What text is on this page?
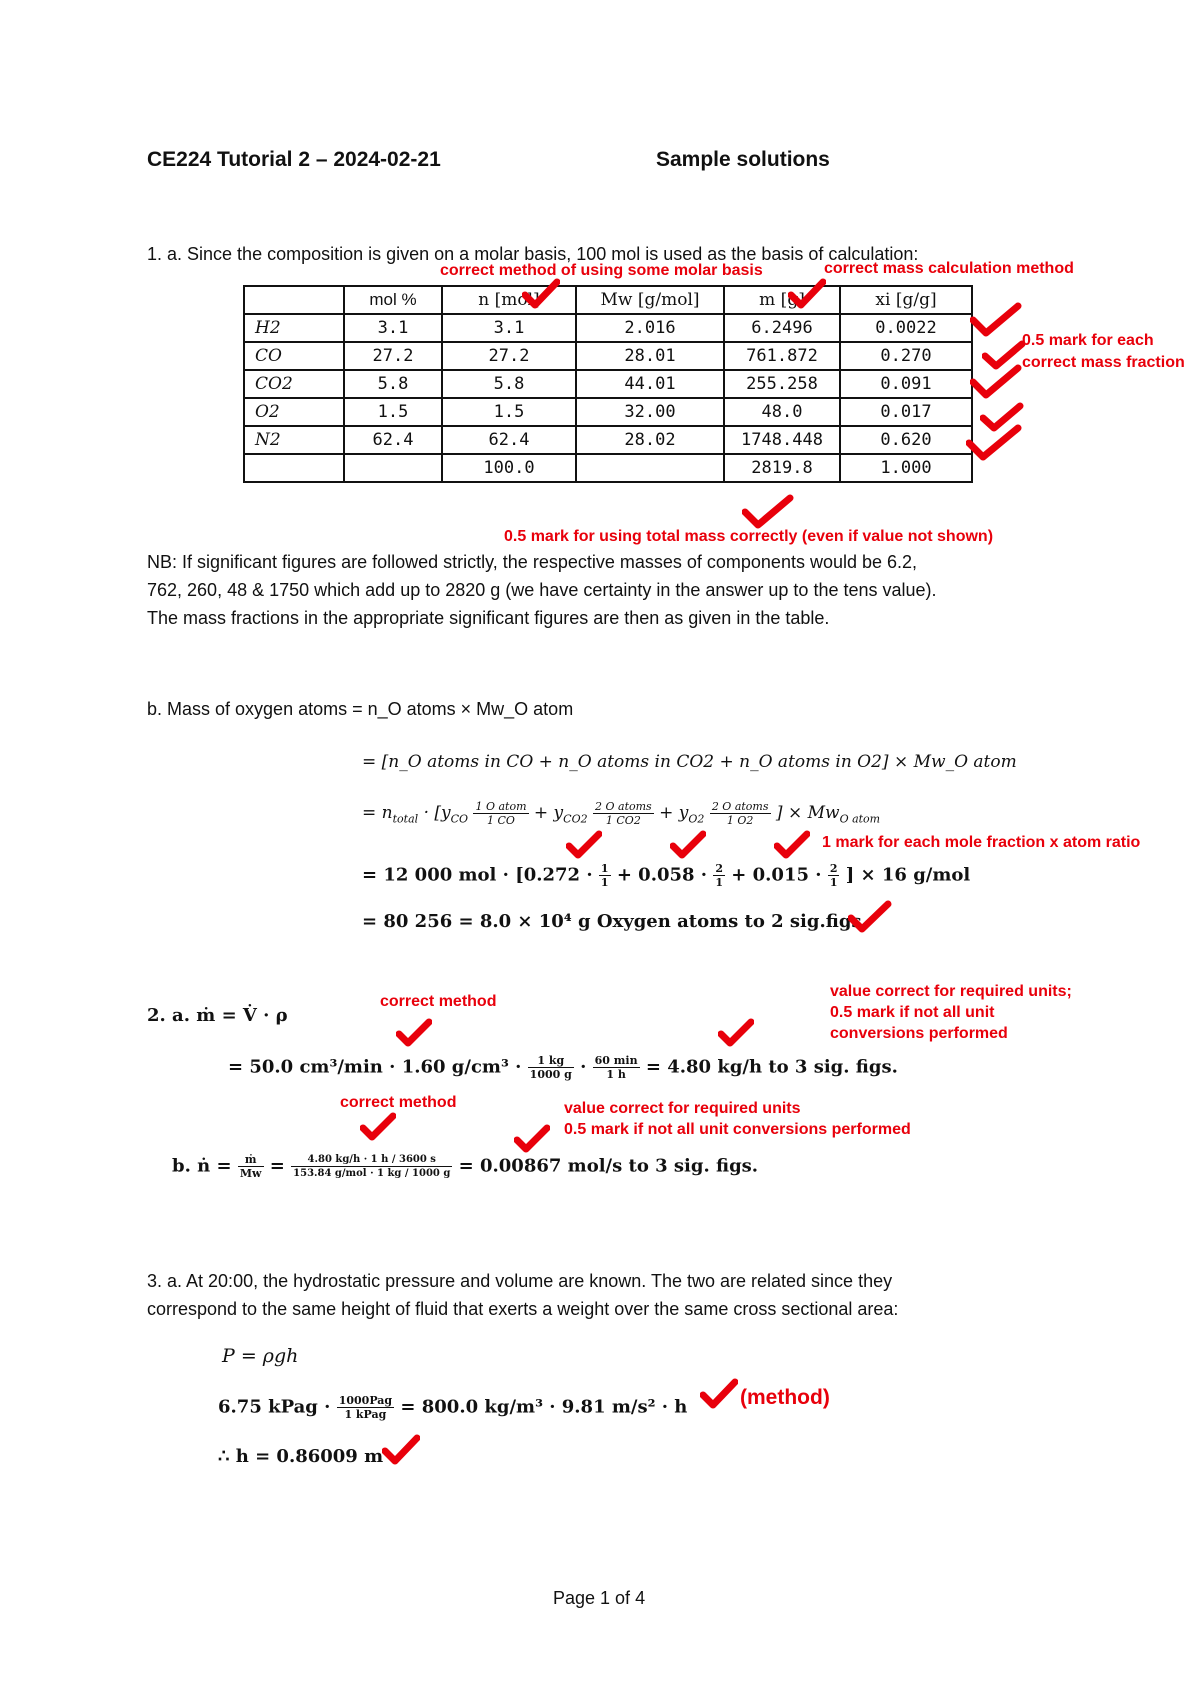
CE224 Tutorial 2 – 2024-02-21	Sample solutions
1. a. Since the composition is given on a molar basis, 100 mol is used as the basis of calculation:
correct method of using some molar basis	correct mass calculation method
	mol %	n [mol]	Mw [g/mol]	m [g]	xi [g/g]
H2	3.1	3.1	2.016	6.2496	0.0022
CO	27.2	27.2	28.01	761.872	0.270
CO2	5.8	5.8	44.01	255.258	0.091
O2	1.5	1.5	32.00	48.0	0.017
N2	62.4	62.4	28.02	1748.448	0.620
		100.0		2819.8	1.000
0.5 mark for each
correct mass fraction
0.5 mark for using total mass correctly (even if value not shown)
NB: If significant figures are followed strictly, the respective masses of components would be 6.2,
762, 260, 48 & 1750 which add up to 2820 g (we have certainty in the answer up to the tens value).
The mass fractions in the appropriate significant figures are then as given in the table.
b. Mass of oxygen atoms = n_O atoms × Mw_O atom
= [n_O atoms in CO + n_O atoms in CO2 + n_O atoms in O2] × Mw_O atom
= $n_{total} \cdot [y_{CO} \frac{\text{1 O atom}}{1 CO} + y_{CO2} \frac{\text{2 O atoms}}{1 CO2} + y_{O2} \frac{\text{2 O atoms}}{1 O2}$ ] × $Mw_{O atom}$
1 mark for each mole fraction x atom ratio
= 12 000 mol · [$0.272 \cdot \frac{1}{1} + 0.058 \cdot \frac{2}{1} + 0.015 \cdot \frac{2}{1}$ ] × 16 g/mol
= 80 256 = 8.0 × 10⁴ g Oxygen atoms to 2 sig.figs.
correct method
value correct for required units;
0.5 mark if not all unit
conversions performed
2. a. ṁ = V̇ · ρ
= 50.0 cm³/min · 1.60 $g/cm^3 \cdot \frac{1 kg}{1000 g} \cdot \frac{60 \min}{1 h} = 4.80$ kg/h to 3 sig. figs.
correct method	value correct for required units
0.5 mark if not all unit conversions performed
b. ṅ = $\frac{\text{ṁ}}{Mw} = \frac{4.80 kg/h \cdot 1 h / 3600 s}{\text{153.84 g/mol · 1 kg / 1000 g}} = 0.00867$ mol/s to 3 sig. figs.
3. a. At 20:00, the hydrostatic pressure and volume are known. The two are related since they
correspond to the same height of fluid that exerts a weight over the same cross sectional area:
P = ρgh
6.75 kPag · $\frac{\text{1000Pag}}{\text{1 kPag}} = 800.0$ kg/m³ · 9.81 m/s² · h	(method)
∴ h = 0.86009 m
Page 1 of 4
